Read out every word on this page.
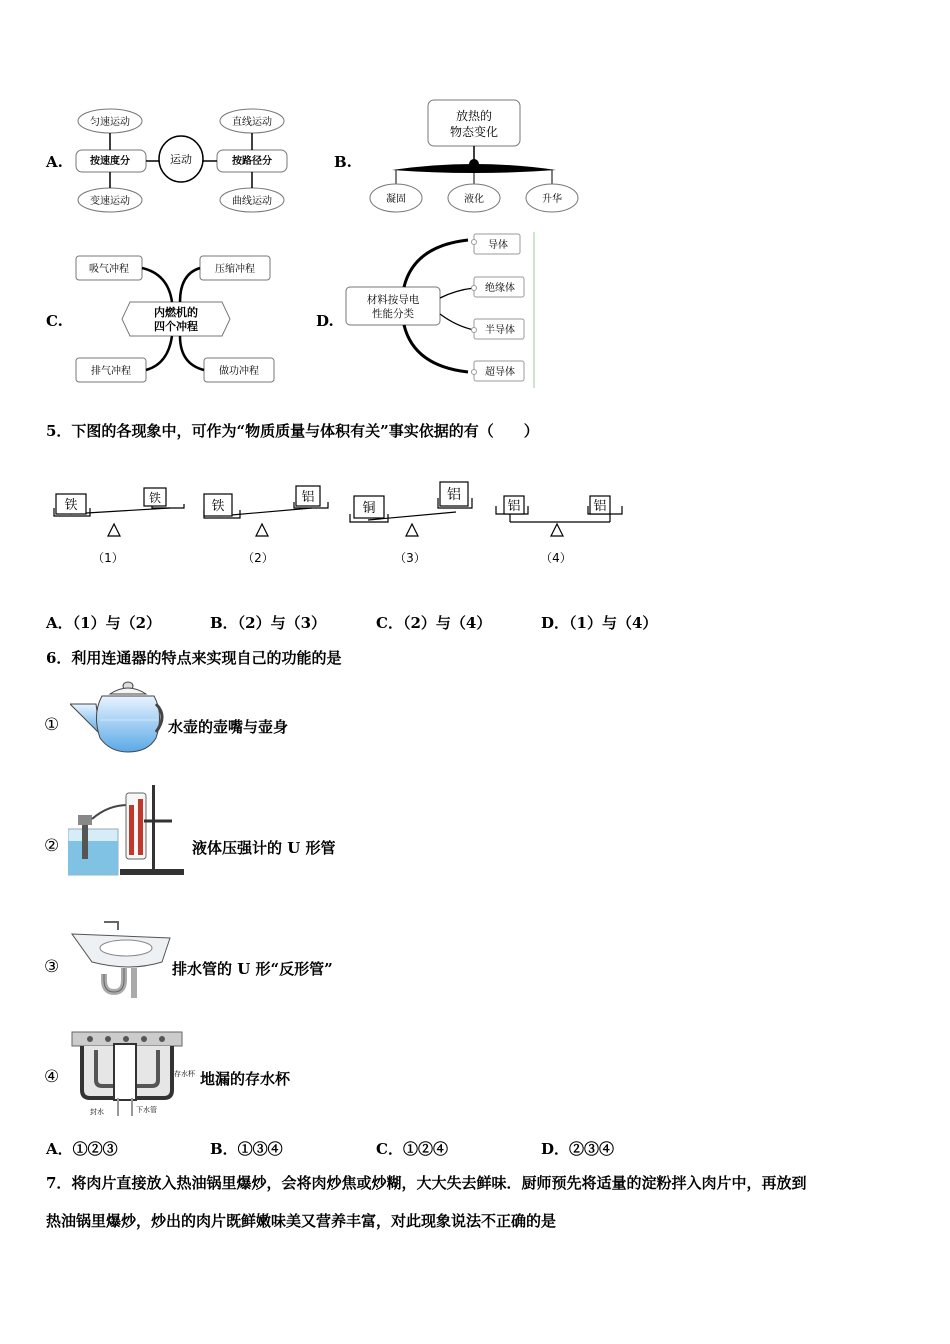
A.
匀速运动
按速度分
变速运动
运动
直线运动
按路径分
曲线运动
B.
放热的
物态变化
凝固	液化	升华
C.
吸气冲程	压缩冲程
内燃机的
四个冲程
排气冲程	做功冲程
D.
材料按导电
性能分类
导体
绝缘体
半导体
超导体
5．下图的各现象中，可作为“物质质量与体积有关”事实依据的有（　　）
铁	铁
（1）
铁
铝
（2）
铜
铝
（3）
铝	铝
（4）
A．（1）与（2）	B．（2）与（3）	C．（2）与（4）	D．（1）与（4）
6．利用连通器的特点来实现自己的功能的是
①	水壶的壶嘴与壶身
②	液体压强计的 U 形管
③	排水管的 U 形“反形管”
④	存水杯
下水管
封水
地漏的存水杯
A．①②③	B．①③④	C．①②④	D．②③④
7．将肉片直接放入热油锅里爆炒，会将肉炒焦或炒糊，大大失去鲜味．厨师预先将适量的淀粉拌入肉片中，再放到
热油锅里爆炒，炒出的肉片既鲜嫩味美又营养丰富，对此现象说法不正确的是
